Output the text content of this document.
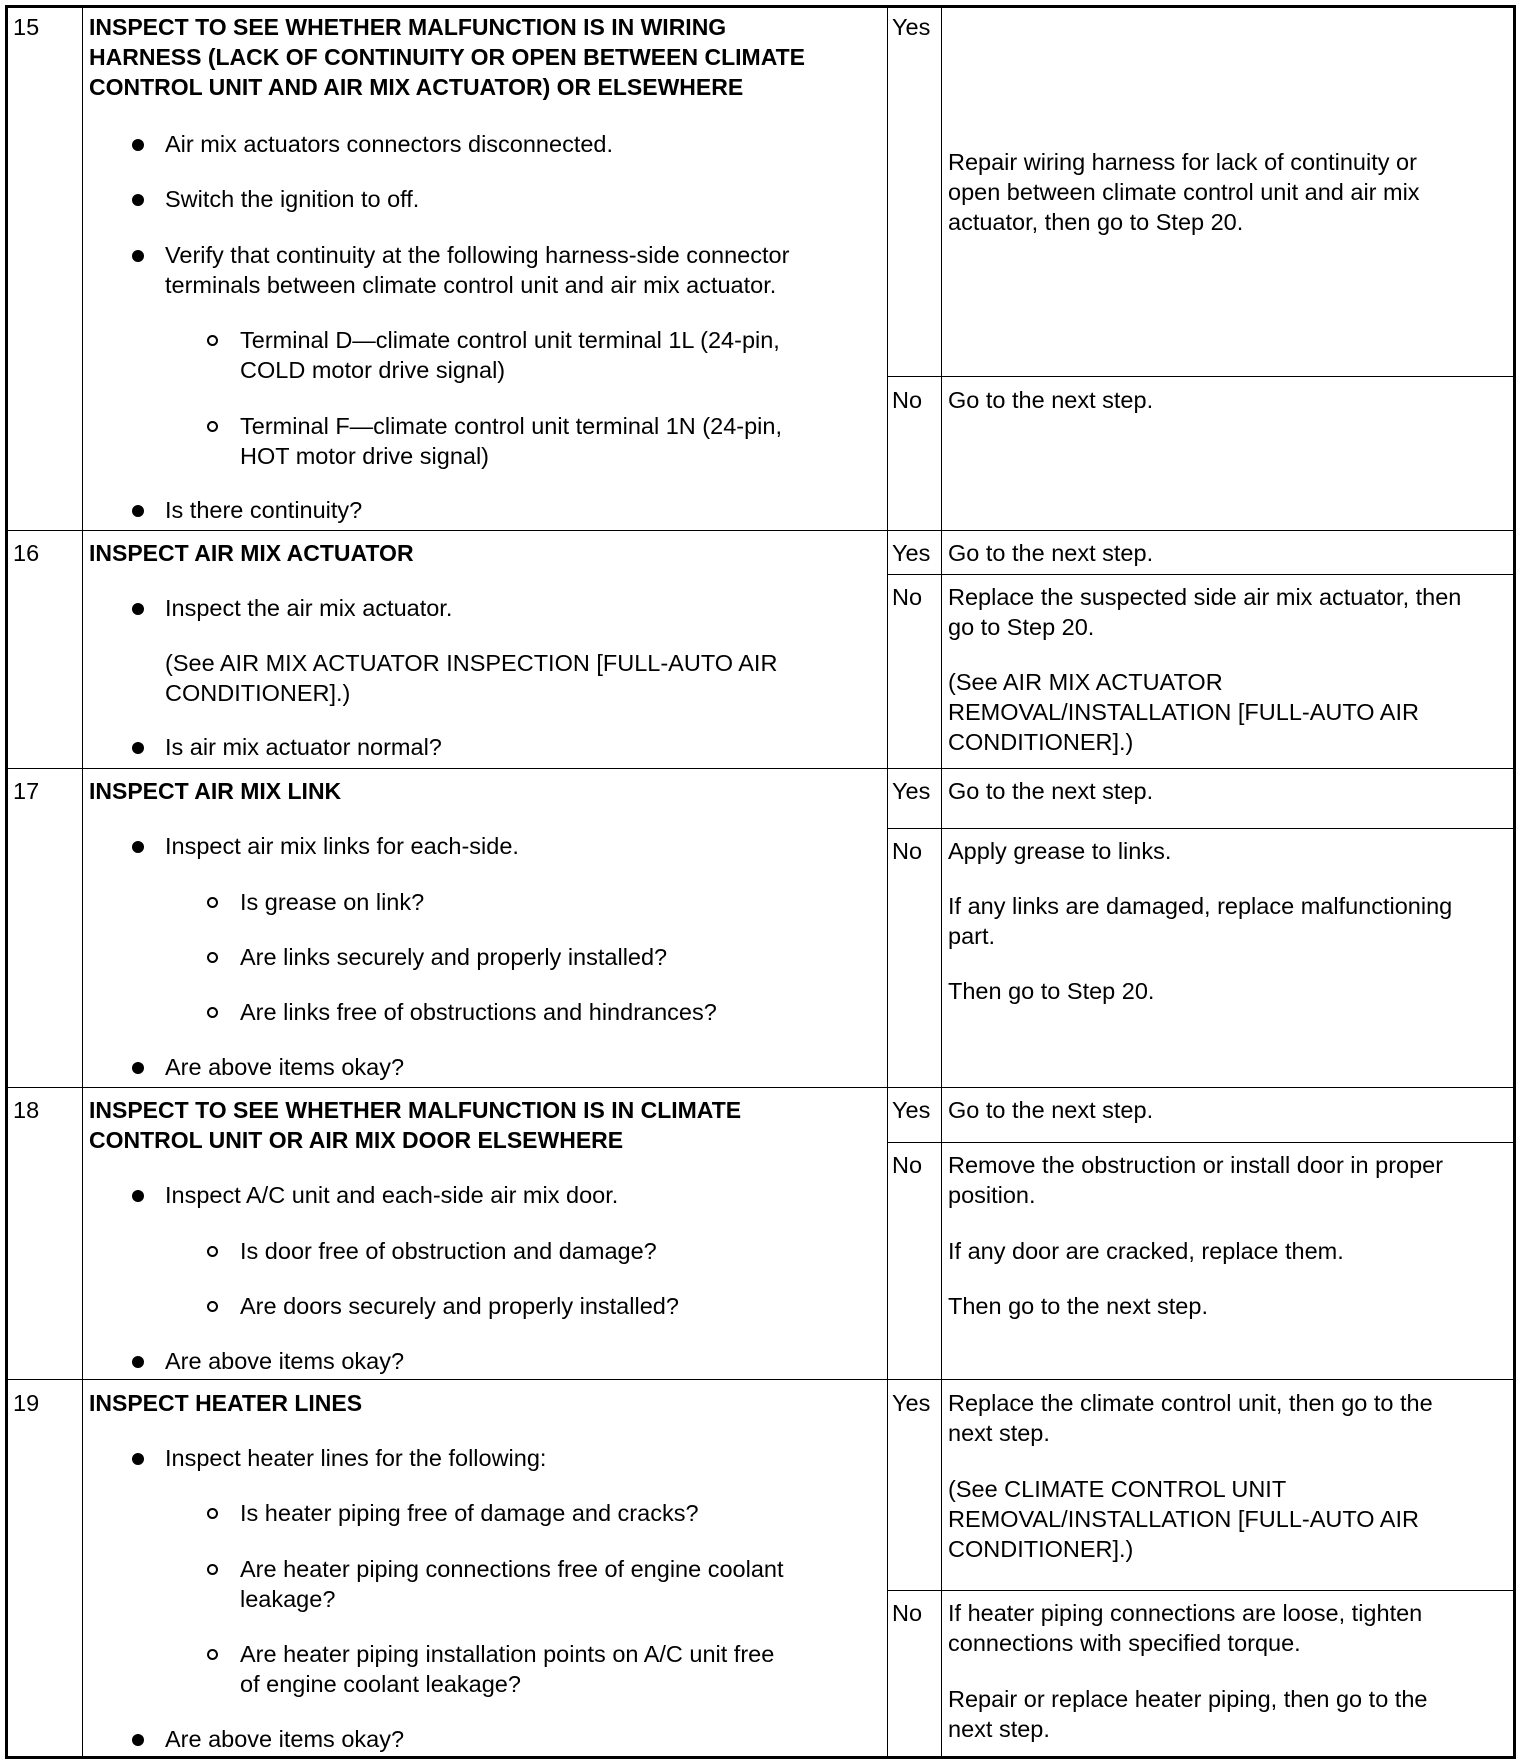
15 INSPECT TO SEE WHETHER MALFUNCTION IS IN WIRING
HARNESS (LACK OF CONTINUITY OR OPEN BETWEEN CLIMATE
CONTROL UNIT AND AIR MIX ACTUATOR) OR ELSEWHERE
Air mix actuators connectors disconnected.
Switch the ignition to off.
Verify that continuity at the following harness-side connector
terminals between climate control unit and air mix actuator.
Terminal D—climate control unit terminal 1L (24-pin,
COLD motor drive signal)
Terminal F—climate control unit terminal 1N (24-pin,
HOT motor drive signal)
Is there continuity?
Yes
Repair wiring harness for lack of continuity or
open between climate control unit and air mix
actuator, then go to Step 20.
No Go to the next step.
16 INSPECT AIR MIX ACTUATOR
Inspect the air mix actuator.
(See AIR MIX ACTUATOR INSPECTION [FULL-AUTO AIR
CONDITIONER].)
Is air mix actuator normal?
Yes Go to the next step.
No Replace the suspected side air mix actuator, then
go to Step 20.
(See AIR MIX ACTUATOR
REMOVAL/INSTALLATION [FULL-AUTO AIR
CONDITIONER].)
17 INSPECT AIR MIX LINK
Inspect air mix links for each-side.
Is grease on link?
Are links securely and properly installed?
Are links free of obstructions and hindrances?
Are above items okay?
Yes Go to the next step.
No Apply grease to links.
If any links are damaged, replace malfunctioning
part.
Then go to Step 20.
18 INSPECT TO SEE WHETHER MALFUNCTION IS IN CLIMATE
CONTROL UNIT OR AIR MIX DOOR ELSEWHERE
Inspect A/C unit and each-side air mix door.
Is door free of obstruction and damage?
Are doors securely and properly installed?
Are above items okay?
Yes Go to the next step.
No Remove the obstruction or install door in proper
position.
If any door are cracked, replace them.
Then go to the next step.
19 INSPECT HEATER LINES
Inspect heater lines for the following:
Is heater piping free of damage and cracks?
Are heater piping connections free of engine coolant
leakage?
Are heater piping installation points on A/C unit free
of engine coolant leakage?
Are above items okay?
Yes Replace the climate control unit, then go to the
next step.
(See CLIMATE CONTROL UNIT
REMOVAL/INSTALLATION [FULL-AUTO AIR
CONDITIONER].)
No If heater piping connections are loose, tighten
connections with specified torque.
Repair or replace heater piping, then go to the
next step.
